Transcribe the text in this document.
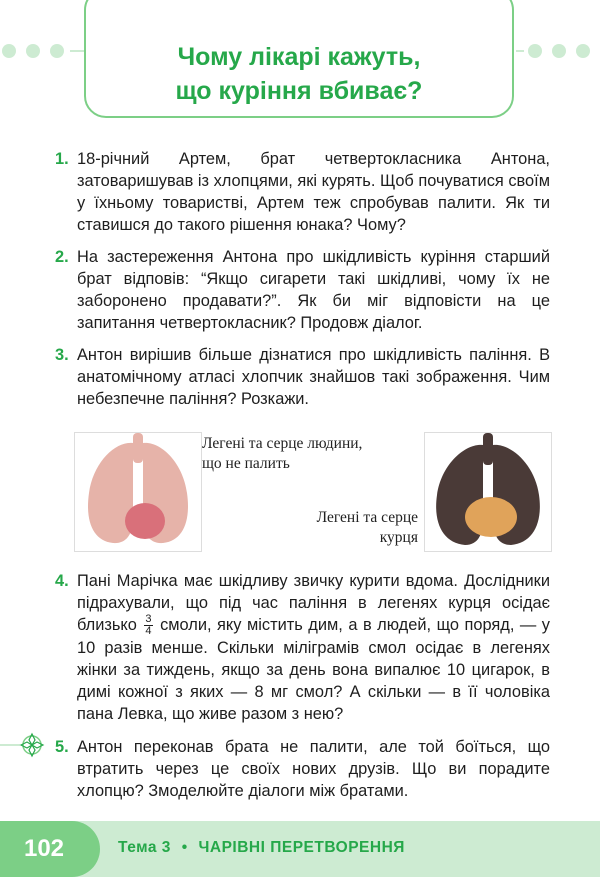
Чому лікарі кажуть,
що куріння вбиває?
1. 18-річний Артем, брат четвертокласника Антона, затоваришував із хлопцями, які курять. Щоб почуватися своїм у їхньому товаристві, Артем теж спробував палити. Як ти ставишся до такого рішення юнака? Чому?
2. На застереження Антона про шкідливість куріння старший брат відповів: “Якщо сигарети такі шкідливі, чому їх не заборонено продавати?”. Як би міг відповісти на це запитання четвертокласник? Продовж діалог.
3. Антон вирішив більше дізнатися про шкідливість паління. В анатомічному атласі хлопчик знайшов такі зображення. Чим небезпечне паління? Розкажи.
Легені та серце людини,
що не палить
Легені та серце
курця
4. Пані Марічка має шкідливу звичку курити вдома. Дослідники підрахували, що під час паління в легенях курця осідає близько $\frac{3}{4}$ смоли, яку містить дим, а в людей, що поряд, — у 10 разів менше. Скільки міліграмів смол осідає в легенях жінки за тиждень, якщо за день вона випалює 10 цигарок, в димі кожної з яких — 8 мг смол? А скільки — в її чоловіка пана Левка, що живе разом з нею?
5. Антон переконав брата не палити, але той боїться, що втратить через це своїх нових друзів. Що ви порадите хлопцю? Змоделюйте діалоги між братами.
102	Тема 3 • ЧАРІВНІ ПЕРЕТВОРЕННЯ
